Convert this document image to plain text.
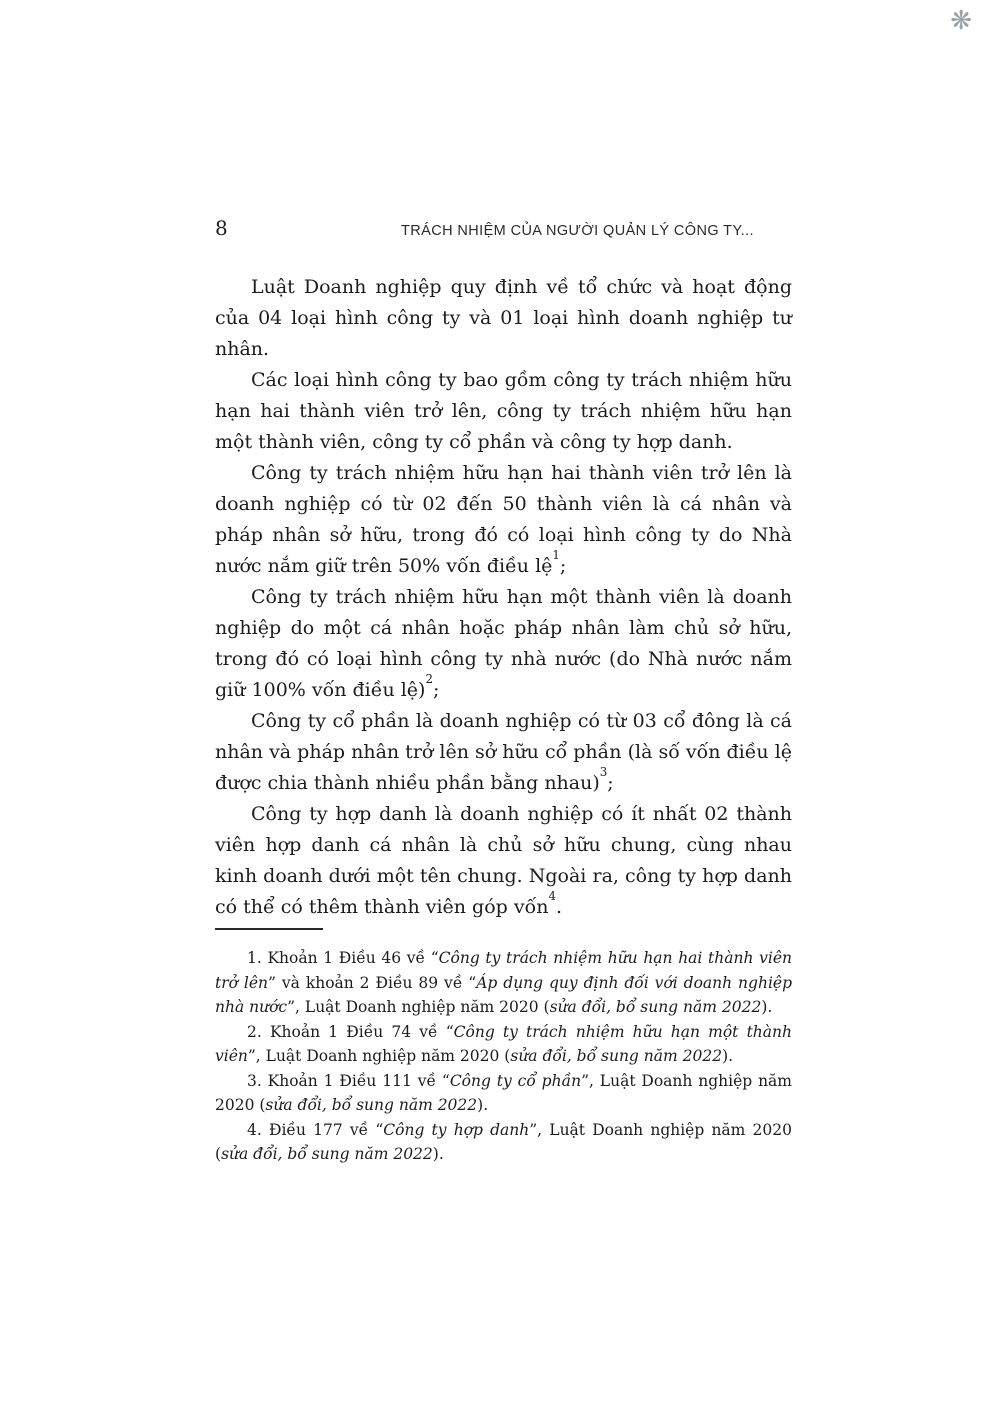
❋
8	TRÁCH NHIỆM CỦA NGƯỜI QUẢN LÝ CÔNG TY...

Luật Doanh nghiệp quy định về tổ chức và hoạt động của 04 loại hình công ty và 01 loại hình doanh nghiệp tư nhân.

Các loại hình công ty bao gồm công ty trách nhiệm hữu hạn hai thành viên trở lên, công ty trách nhiệm hữu hạn một thành viên, công ty cổ phần và công ty hợp danh.

Công ty trách nhiệm hữu hạn hai thành viên trở lên là doanh nghiệp có từ 02 đến 50 thành viên là cá nhân và pháp nhân sở hữu, trong đó có loại hình công ty do Nhà nước nắm giữ trên 50% vốn điều lệ$^1$;

Công ty trách nhiệm hữu hạn một thành viên là doanh nghiệp do một cá nhân hoặc pháp nhân làm chủ sở hữu, trong đó có loại hình công ty nhà nước (do Nhà nước nắm giữ 100% vốn điều lệ)$^2$;

Công ty cổ phần là doanh nghiệp có từ 03 cổ đông là cá nhân và pháp nhân trở lên sở hữu cổ phần (là số vốn điều lệ được chia thành nhiều phần bằng nhau)$^3$;

Công ty hợp danh là doanh nghiệp có ít nhất 02 thành viên hợp danh cá nhân là chủ sở hữu chung, cùng nhau kinh doanh dưới một tên chung. Ngoài ra, công ty hợp danh có thể có thêm thành viên góp vốn$^4$.

1. Khoản 1 Điều 46 về “Công ty trách nhiệm hữu hạn hai thành viên trở lên” và khoản 2 Điều 89 về “Áp dụng quy định đối với doanh nghiệp nhà nước”, Luật Doanh nghiệp năm 2020 (sửa đổi, bổ sung năm 2022).

2. Khoản 1 Điều 74 về “Công ty trách nhiệm hữu hạn một thành viên”, Luật Doanh nghiệp năm 2020 (sửa đổi, bổ sung năm 2022).

3. Khoản 1 Điều 111 về “Công ty cổ phần”, Luật Doanh nghiệp năm 2020 (sửa đổi, bổ sung năm 2022).

4. Điều 177 về “Công ty hợp danh”, Luật Doanh nghiệp năm 2020 (sửa đổi, bổ sung năm 2022).
